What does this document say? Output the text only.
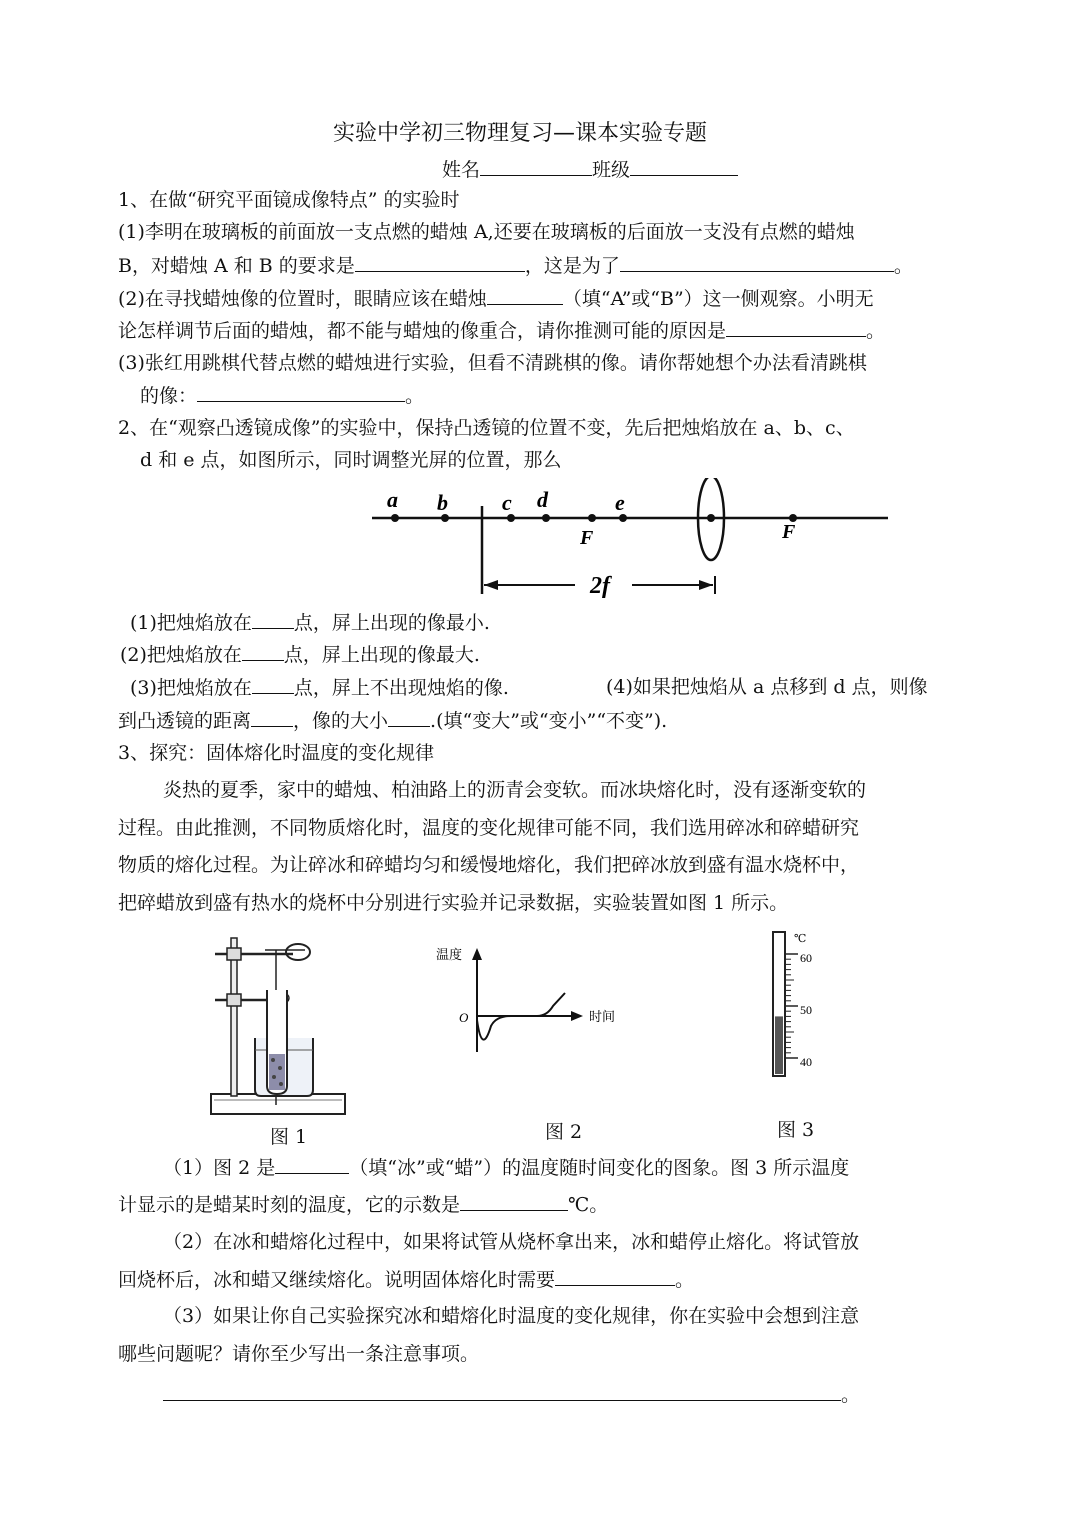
实验中学初三物理复习—课本实验专题
姓名	班级
1、在做“研究平面镜成像特点” 的实验时
(1)李明在玻璃板的前面放一支点燃的蜡烛 A,还要在玻璃板的后面放一支没有点燃的蜡烛
B，对蜡烛 A 和 B 的要求是	，这是为了	。
(2)在寻找蜡烛像的位置时，眼睛应该在蜡烛	（填“A”或“B”）这一侧观察。小明无
论怎样调节后面的蜡烛，都不能与蜡烛的像重合，请你推测可能的原因是	。
(3)张红用跳棋代替点燃的蜡烛进行实验，但看不清跳棋的像。请你帮她想个办法看清跳棋
的像：	。
2、在“观察凸透镜成像”的实验中，保持凸透镜的位置不变，先后把烛焰放在 a、b、c、
d 和 e 点，如图所示，同时调整光屏的位置，那么
2f
a b c d	e
F	F
(1)把烛焰放在 点，屏上出现的像最小.
(2)把烛焰放在 点，屏上出现的像最大.
(3)把烛焰放在 点，屏上不出现烛焰的像.	(4)如果把烛焰从 a 点移到 d 点，则像
到凸透镜的距离 ，像的大小 .(填“变大”或“变小”“不变”).
3、探究：固体熔化时温度的变化规律
炎热的夏季，家中的蜡烛、柏油路上的沥青会变软。而冰块熔化时，没有逐渐变软的
过程。由此推测，不同物质熔化时，温度的变化规律可能不同，我们选用碎冰和碎蜡研究
物质的熔化过程。为让碎冰和碎蜡均匀和缓慢地熔化，我们把碎冰放到盛有温水烧杯中，
把碎蜡放到盛有热水的烧杯中分别进行实验并记录数据，实验装置如图 1 所示。
温度
时间
O
℃
60
50
40
图 1	图 2	图 3
（1）图 2 是	（填“冰”或“蜡”）的温度随时间变化的图象。图 3 所示温度
计显示的是蜡某时刻的温度，它的示数是	℃。
（2）在冰和蜡熔化过程中，如果将试管从烧杯拿出来，冰和蜡停止熔化。将试管放
回烧杯后，冰和蜡又继续熔化。说明固体熔化时需要	。
（3）如果让你自己实验探究冰和蜡熔化时温度的变化规律，你在实验中会想到注意
哪些问题呢？请你至少写出一条注意事项。
。
